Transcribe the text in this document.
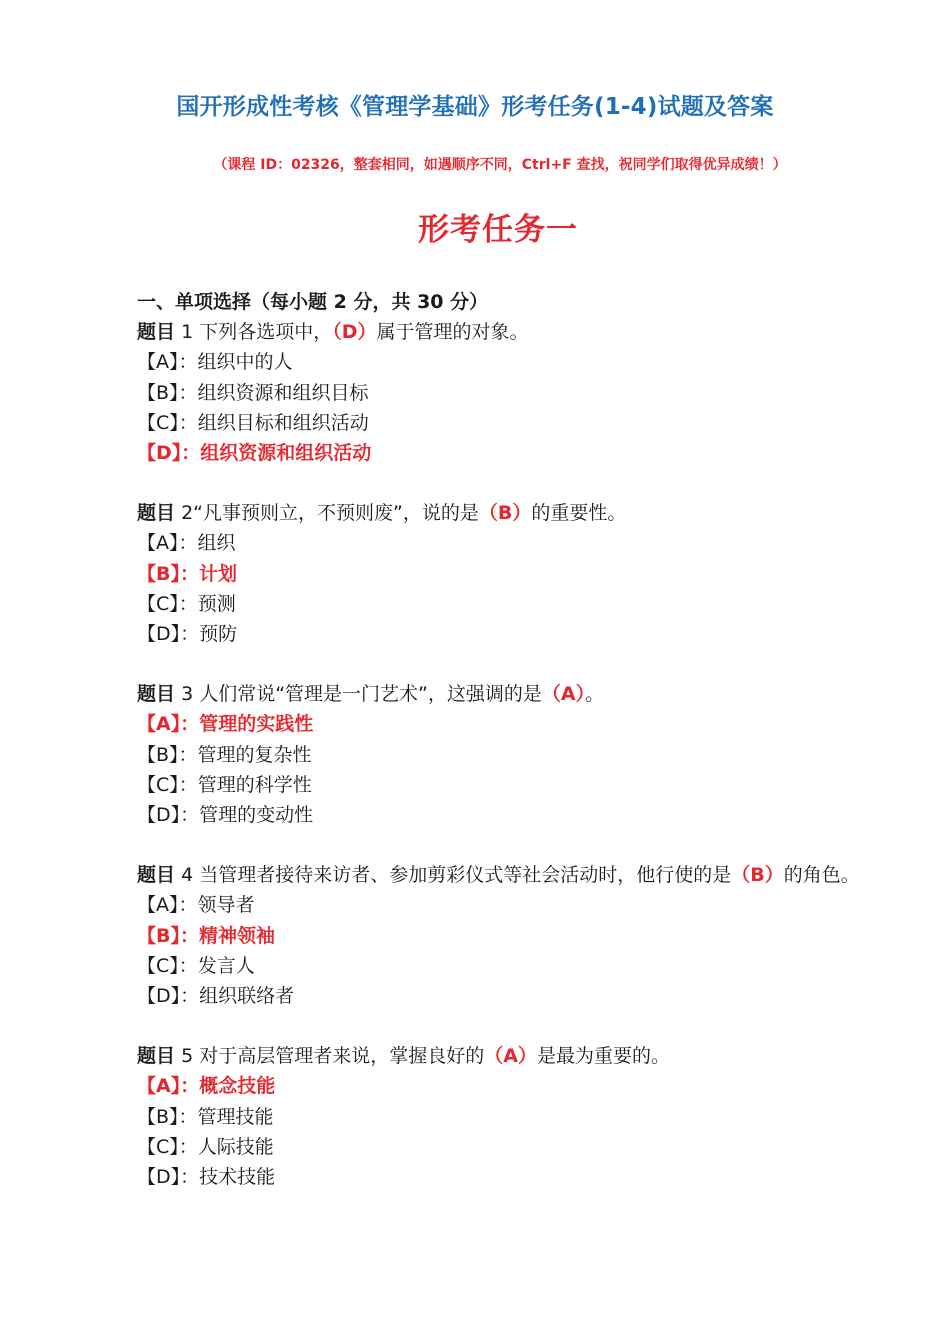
国开形成性考核《管理学基础》形考任务(1-4)试题及答案
（课程 ID：02326，整套相同，如遇顺序不同，Ctrl+F 查找，祝同学们取得优异成绩！）
形考任务一
一、单项选择（每小题 2 分，共 30 分）
题目 1 下列各选项中，（D）属于管理的对象。
【A】：组织中的人
【B】：组织资源和组织目标
【C】：组织目标和组织活动
【D】：组织资源和组织活动
题目 2“凡事预则立，不预则废”，说的是（B）的重要性。
【A】：组织
【B】：计划
【C】：预测
【D】：预防
题目 3 人们常说“管理是一门艺术”，这强调的是（A）。
【A】：管理的实践性
【B】：管理的复杂性
【C】：管理的科学性
【D】：管理的变动性
题目 4 当管理者接待来访者、参加剪彩仪式等社会活动时，他行使的是（B）的角色。
【A】：领导者
【B】：精神领袖
【C】：发言人
【D】：组织联络者
题目 5 对于高层管理者来说，掌握良好的（A）是最为重要的。
【A】：概念技能
【B】：管理技能
【C】：人际技能
【D】：技术技能
